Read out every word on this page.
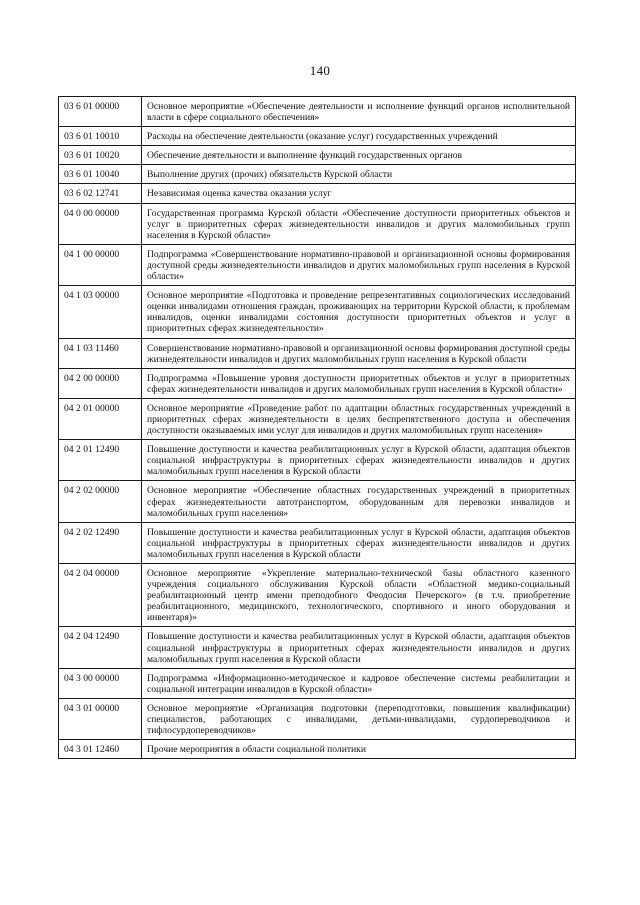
140
03 6 01 00000	Основное мероприятие «Обеспечение деятельности и исполнение функций органов исполнительной власти в сфере социального обеспечения»
03 6 01 10010	Расходы на обеспечение деятельности (оказание услуг) государственных учреждений
03 6 01 10020	Обеспечение деятельности и выполнение функций государственных органов
03 6 01 10040	Выполнение других (прочих) обязательств Курской области
03 6 02 12741	Независимая оценка качества оказания услуг
04 0 00 00000	Государственная программа Курской области «Обеспечение доступности приоритетных объектов и услуг в приоритетных сферах жизнедеятельности инвалидов и других маломобильных групп населения в Курской области»
04 1 00 00000	Подпрограмма «Совершенствование нормативно-правовой и организационной основы формирования доступной среды жизнедеятельности инвалидов и других маломобильных групп населения в Курской области»
04 1 03 00000	Основное мероприятие «Подготовка и проведение репрезентативных социологических исследований оценки инвалидами отношения граждан, проживающих на территории Курской области, к проблемам инвалидов, оценки инвалидами состояния доступности приоритетных объектов и услуг в приоритетных сферах жизнедеятельности»
04 1 03 11460	Совершенствование нормативно-правовой и организационной основы формирования доступной среды жизнедеятельности инвалидов и других маломобильных групп населения в Курской области
04 2 00 00000	Подпрограмма «Повышение уровня доступности приоритетных объектов и услуг в приоритетных сферах жизнедеятельности инвалидов и других маломобильных групп населения в Курской области»
04 2 01 00000	Основное мероприятие «Проведение работ по адаптации областных государственных учреждений в приоритетных сферах жизнедеятельности в целях беспрепятственного доступа и обеспечения доступности оказываемых ими услуг для инвалидов и других маломобильных групп населения»
04 2 01 12490	Повышение доступности и качества реабилитационных услуг в Курской области, адаптация объектов социальной инфраструктуры в приоритетных сферах жизнедеятельности инвалидов и других маломобильных групп населения в Курской области
04 2 02 00000	Основное мероприятие «Обеспечение областных государственных учреждений в приоритетных сферах жизнедеятельности автотранспортом, оборудованным для перевозки инвалидов и маломобильных групп населения»
04 2 02 12490	Повышение доступности и качества реабилитационных услуг в Курской области, адаптация объектов социальной инфраструктуры в приоритетных сферах жизнедеятельности инвалидов и других маломобильных групп населения в Курской области
04 2 04 00000	Основное мероприятие «Укрепление материально-технической базы областного казенного учреждения социального обслуживания Курской области «Областной медико-социальный реабилитационный центр имени преподобного Феодосия Печерского» (в т.ч. приобретение реабилитационного, медицинского, технологического, спортивного и иного оборудования и инвентаря)»
04 2 04 12490	Повышение доступности и качества реабилитационных услуг в Курской области, адаптация объектов социальной инфраструктуры в приоритетных сферах жизнедеятельности инвалидов и других маломобильных групп населения в Курской области
04 3 00 00000	Подпрограмма «Информационно-методическое и кадровое обеспечение системы реабилитации и социальной интеграции инвалидов в Курской области»
04 3 01 00000	Основное мероприятие «Организация подготовки (переподготовки, повышения квалификации) специалистов, работающих с инвалидами, детьми-инвалидами, сурдопереводчиков и тифлосурдопереводчиков»
04 3 01 12460	Прочие мероприятия в области социальной политики
